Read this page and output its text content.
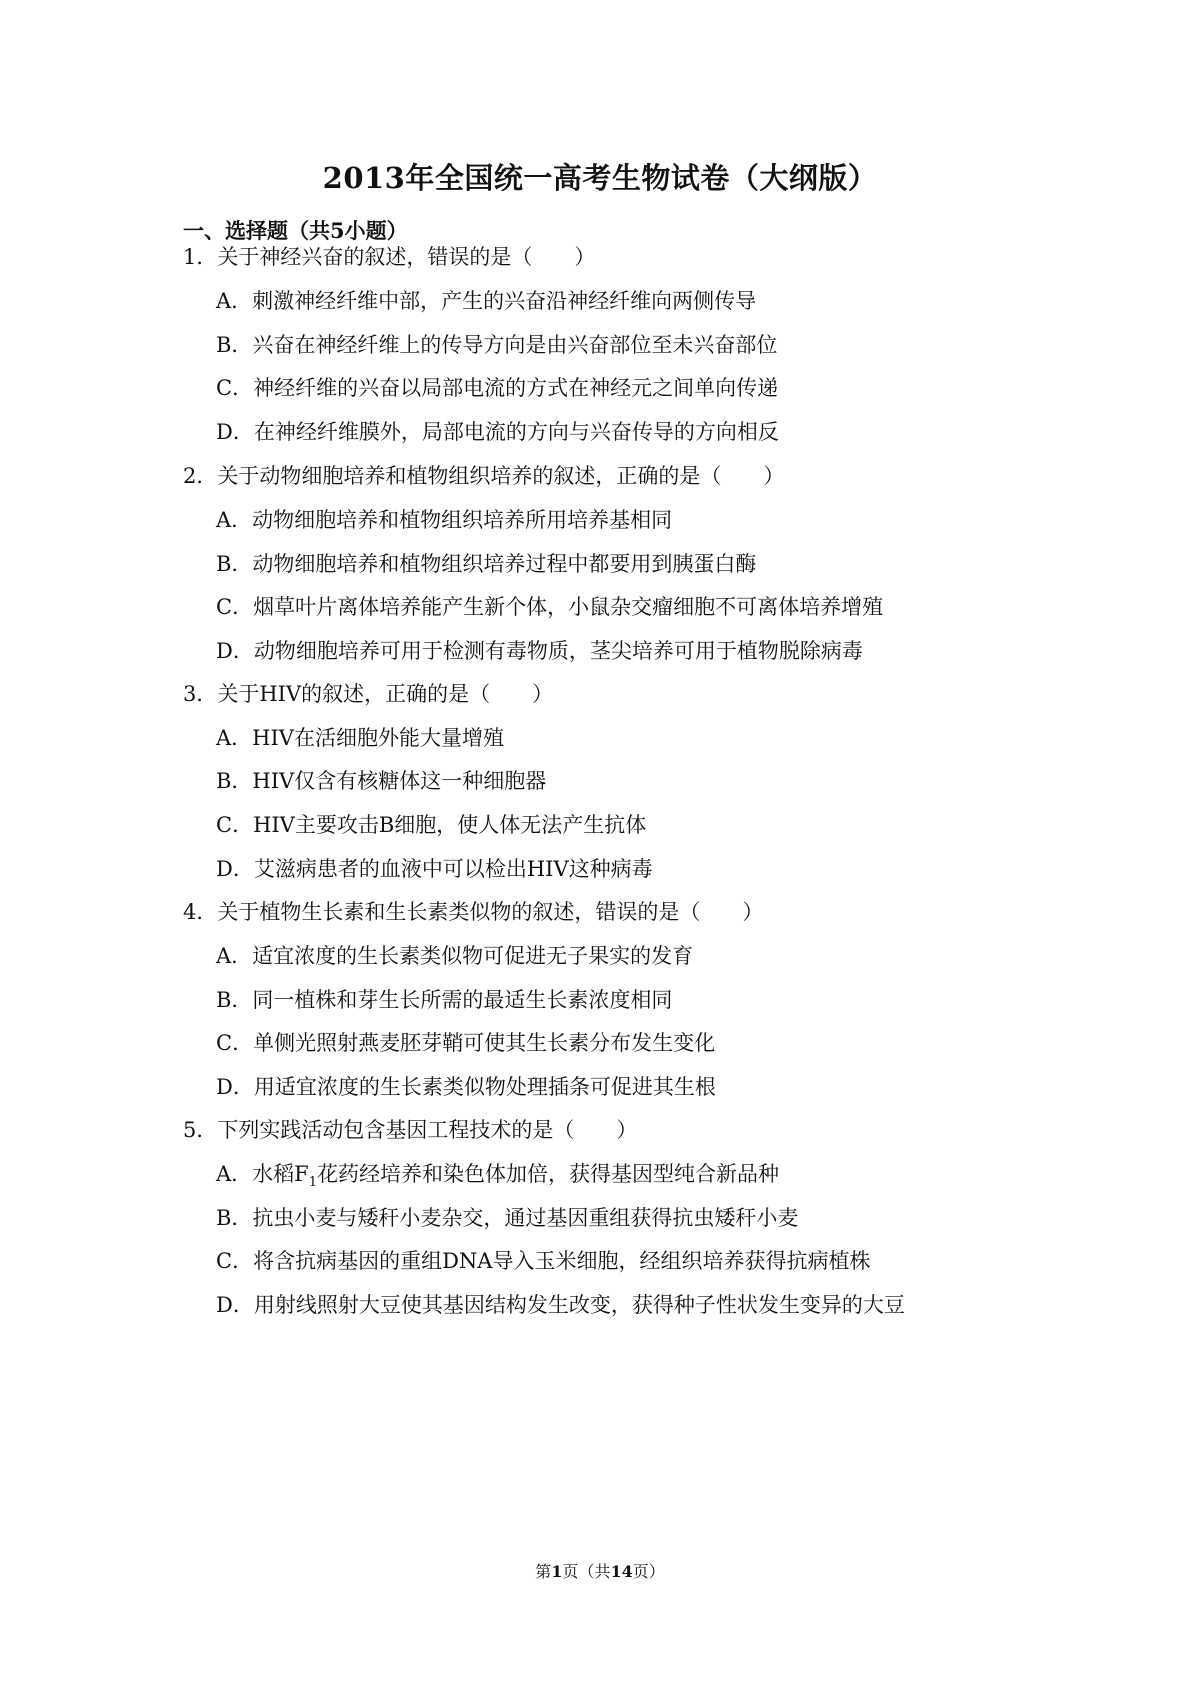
2013年全国统一高考生物试卷（大纲版）
一、选择题（共5小题）
1．关于神经兴奋的叙述，错误的是（　　）
A．刺激神经纤维中部，产生的兴奋沿神经纤维向两侧传导
B．兴奋在神经纤维上的传导方向是由兴奋部位至未兴奋部位
C．神经纤维的兴奋以局部电流的方式在神经元之间单向传递
D．在神经纤维膜外，局部电流的方向与兴奋传导的方向相反
2．关于动物细胞培养和植物组织培养的叙述，正确的是（　　）
A．动物细胞培养和植物组织培养所用培养基相同
B．动物细胞培养和植物组织培养过程中都要用到胰蛋白酶
C．烟草叶片离体培养能产生新个体，小鼠杂交瘤细胞不可离体培养增殖
D．动物细胞培养可用于检测有毒物质，茎尖培养可用于植物脱除病毒
3．关于HIV的叙述，正确的是（　　）
A．HIV在活细胞外能大量增殖
B．HIV仅含有核糖体这一种细胞器
C．HIV主要攻击B细胞，使人体无法产生抗体
D．艾滋病患者的血液中可以检出HIV这种病毒
4．关于植物生长素和生长素类似物的叙述，错误的是（　　）
A．适宜浓度的生长素类似物可促进无子果实的发育
B．同一植株和芽生长所需的最适生长素浓度相同
C．单侧光照射燕麦胚芽鞘可使其生长素分布发生变化
D．用适宜浓度的生长素类似物处理插条可促进其生根
5．下列实践活动包含基因工程技术的是（　　）
A．水稻$F_1$花药经培养和染色体加倍，获得基因型纯合新品种
B．抗虫小麦与矮秆小麦杂交，通过基因重组获得抗虫矮秆小麦
C．将含抗病基因的重组DNA导入玉米细胞，经组织培养获得抗病植株
D．用射线照射大豆使其基因结构发生改变，获得种子性状发生变异的大豆
第1页（共14页）
